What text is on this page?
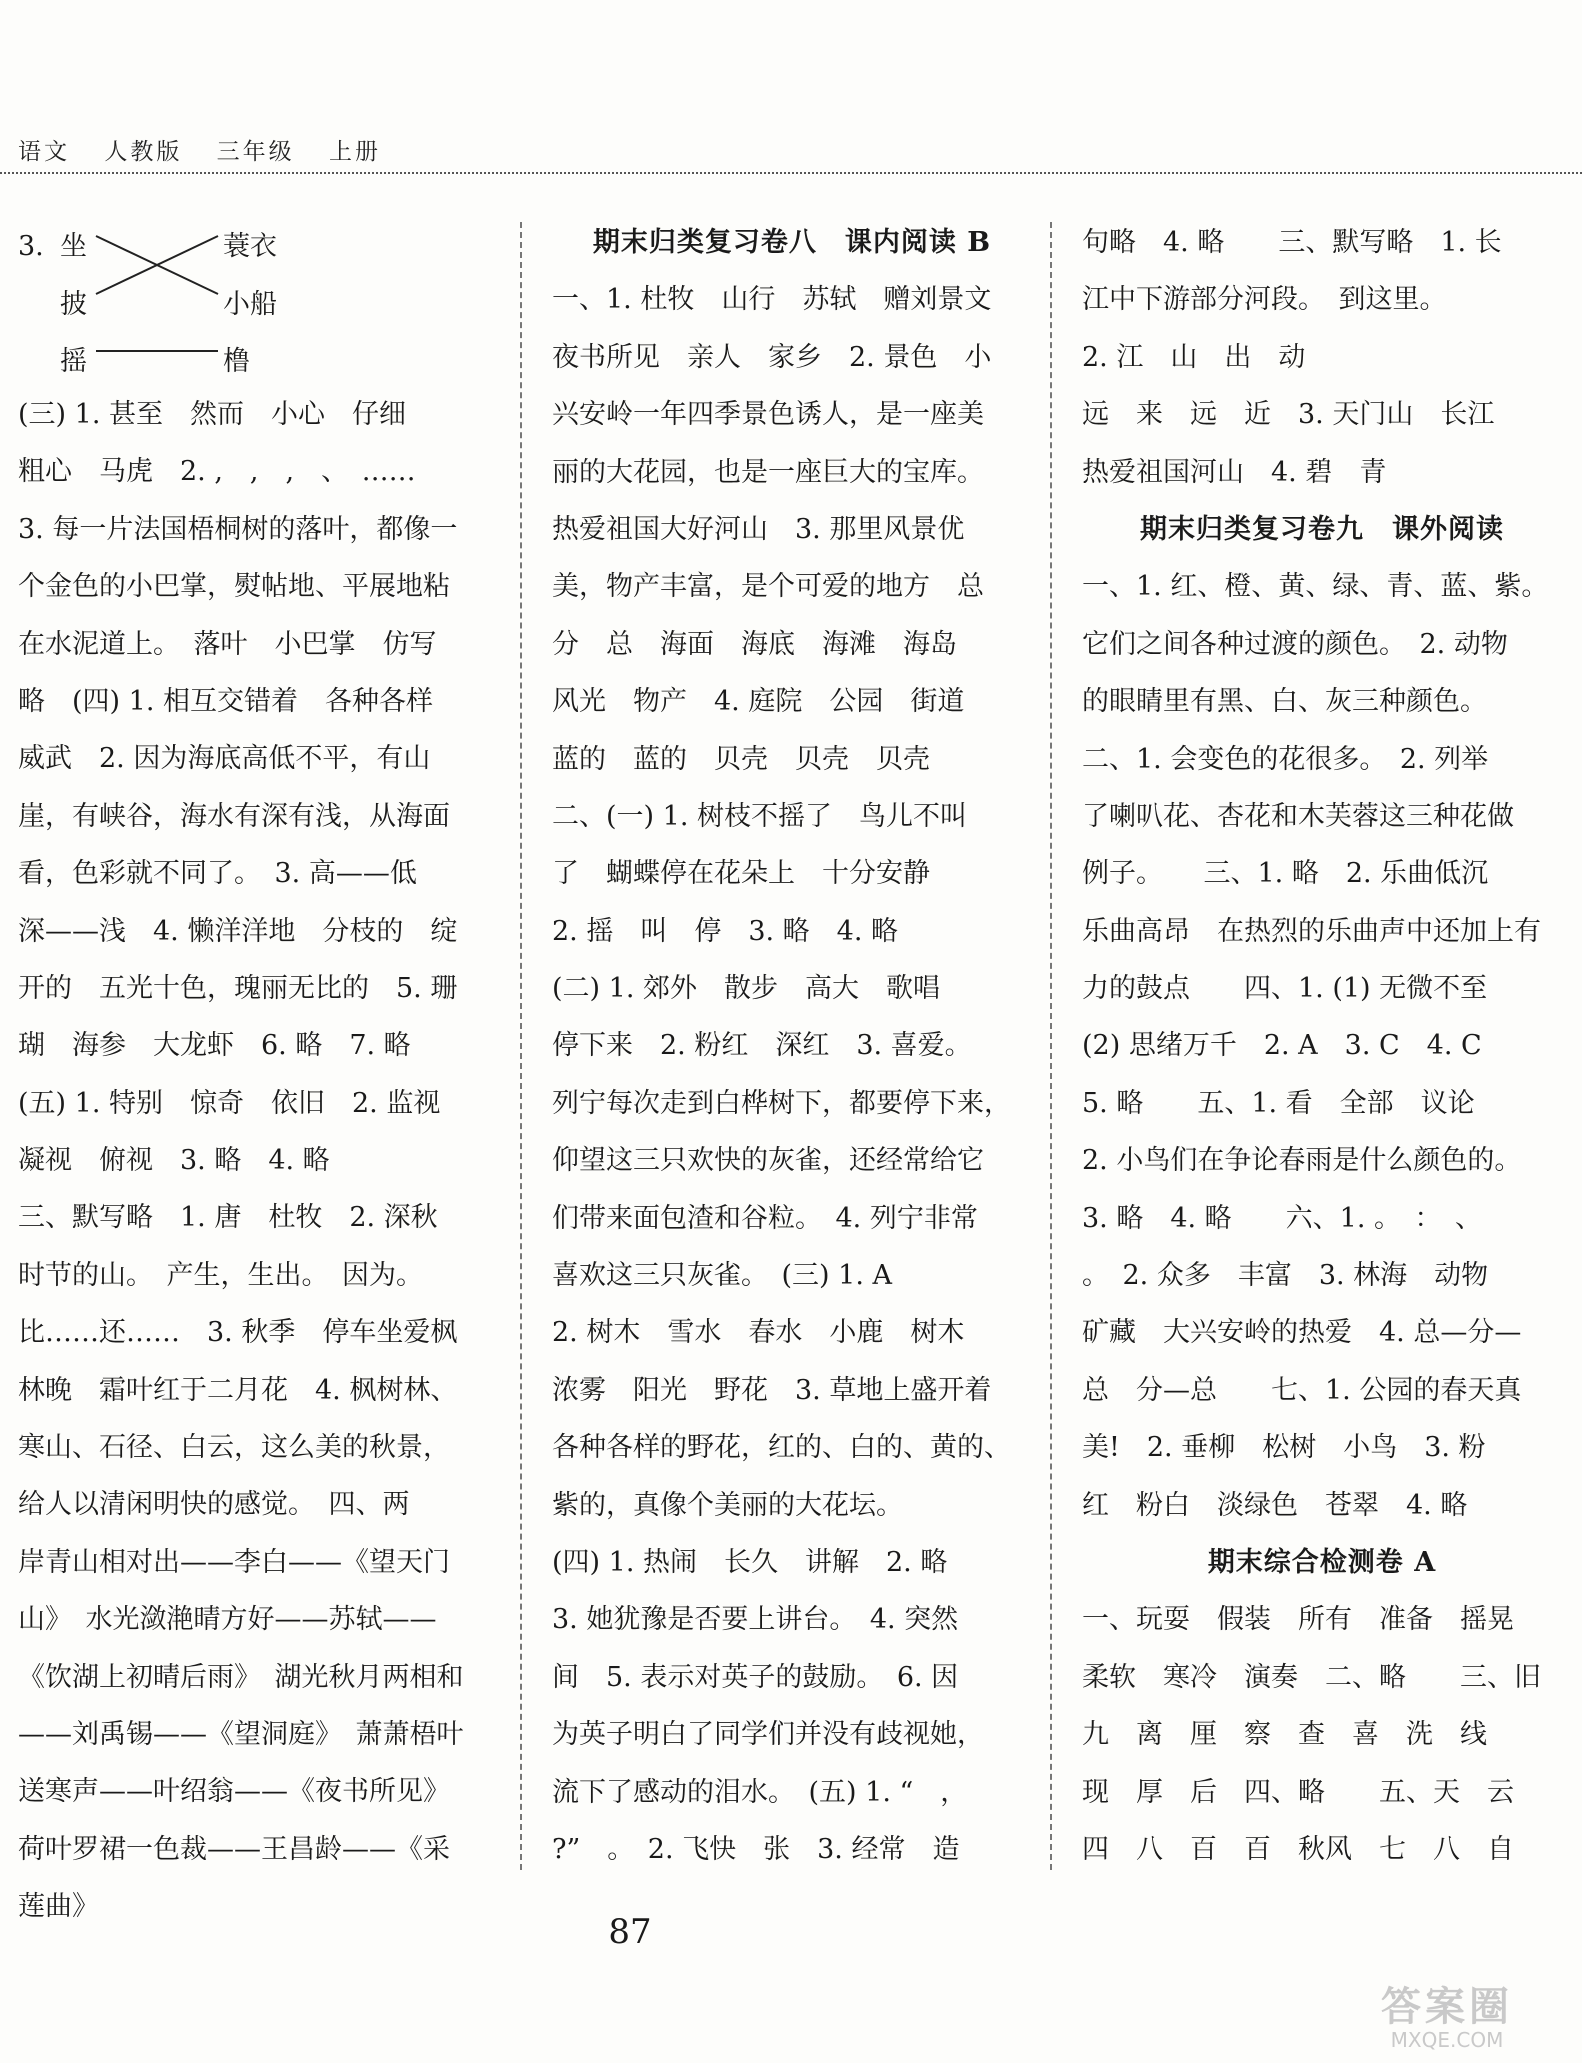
语文 人教版 三年级 上册
3. 坐
披
摇
蓑衣
小船
橹
(三) 1. 甚至　然而　小心　仔细
粗心　马虎　2. ,　,　,　、　……
3. 每一片法国梧桐树的落叶，都像一
个金色的小巴掌，熨帖地、平展地粘
在水泥道上。　落叶　小巴掌　仿写
略　(四) 1. 相互交错着　各种各样
威武　2. 因为海底高低不平，有山
崖，有峡谷，海水有深有浅，从海面
看，色彩就不同了。　3. 高——低
深——浅　4. 懒洋洋地　分枝的　绽
开的　五光十色，瑰丽无比的　5. 珊
瑚　海参　大龙虾　6. 略　7. 略
(五) 1. 特别　惊奇　依旧　2. 监视
凝视　俯视　3. 略　4. 略
三、默写略　1. 唐　杜牧　2. 深秋
时节的山。　产生，生出。　因为。
比……还……　3. 秋季　停车坐爱枫
林晚　霜叶红于二月花　4. 枫树林、
寒山、石径、白云，这么美的秋景，
给人以清闲明快的感觉。　四、两
岸青山相对出——李白——《望天门
山》　水光潋滟晴方好——苏轼——
《饮湖上初晴后雨》　湖光秋月两相和
——刘禹锡——《望洞庭》　萧萧梧叶
送寒声——叶绍翁——《夜书所见》
荷叶罗裙一色裁——王昌龄——《采
莲曲》
期末归类复习卷八　课内阅读 B
一、1. 杜牧　山行　苏轼　赠刘景文
夜书所见　亲人　家乡　2. 景色　小
兴安岭一年四季景色诱人，是一座美
丽的大花园，也是一座巨大的宝库。
热爱祖国大好河山　3. 那里风景优
美，物产丰富，是个可爱的地方　总
分　总　海面　海底　海滩　海岛
风光　物产　4. 庭院　公园　街道
蓝的　蓝的　贝壳　贝壳　贝壳
二、(一) 1. 树枝不摇了　鸟儿不叫
了　蝴蝶停在花朵上　十分安静
2. 摇　叫　停　3. 略　4. 略
(二) 1. 郊外　散步　高大　歌唱
停下来　2. 粉红　深红　3. 喜爱。
列宁每次走到白桦树下，都要停下来，
仰望这三只欢快的灰雀，还经常给它
们带来面包渣和谷粒。　4. 列宁非常
喜欢这三只灰雀。　(三) 1. A
2. 树木　雪水　春水　小鹿　树木
浓雾　阳光　野花　3. 草地上盛开着
各种各样的野花，红的、白的、黄的、
紫的，真像个美丽的大花坛。
(四) 1. 热闹　长久　讲解　2. 略
3. 她犹豫是否要上讲台。　4. 突然
间　5. 表示对英子的鼓励。　6. 因
为英子明白了同学们并没有歧视她，
流下了感动的泪水。　(五) 1. “　，
?”　。　2. 飞快　张　3. 经常　造
句略　4. 略　　三、默写略　1. 长
江中下游部分河段。　到这里。
2. 江　山　出　动
远　来　远　近　3. 天门山　长江
热爱祖国河山　4. 碧　青
期末归类复习卷九　课外阅读
一、1. 红、橙、黄、绿、青、蓝、紫。
它们之间各种过渡的颜色。　2. 动物
的眼睛里有黑、白、灰三种颜色。
二、1. 会变色的花很多。　2. 列举
了喇叭花、杏花和木芙蓉这三种花做
例子。　　三、1. 略　2. 乐曲低沉
乐曲高昂　在热烈的乐曲声中还加上有
力的鼓点　　四、1. (1) 无微不至
(2) 思绪万千　2. A　3. C　4. C
5. 略　　五、1. 看　全部　议论
2. 小鸟们在争论春雨是什么颜色的。
3. 略　4. 略　　六、1. 。　：　、
。　2. 众多　丰富　3. 林海　动物
矿藏　大兴安岭的热爱　4. 总—分—
总　分—总　　七、1. 公园的春天真
美!　2. 垂柳　松树　小鸟　3. 粉
红　粉白　淡绿色　苍翠　4. 略
期末综合检测卷 A
一、玩耍　假装　所有　准备　摇晃
柔软　寒冷　演奏　二、略　　三、旧
九　离　厘　察　查　喜　洗　线
现　厚　后　四、略　　五、天　云
四　八　百　百　秋风　七　八　自
87
答案圈
MXQE.COM
